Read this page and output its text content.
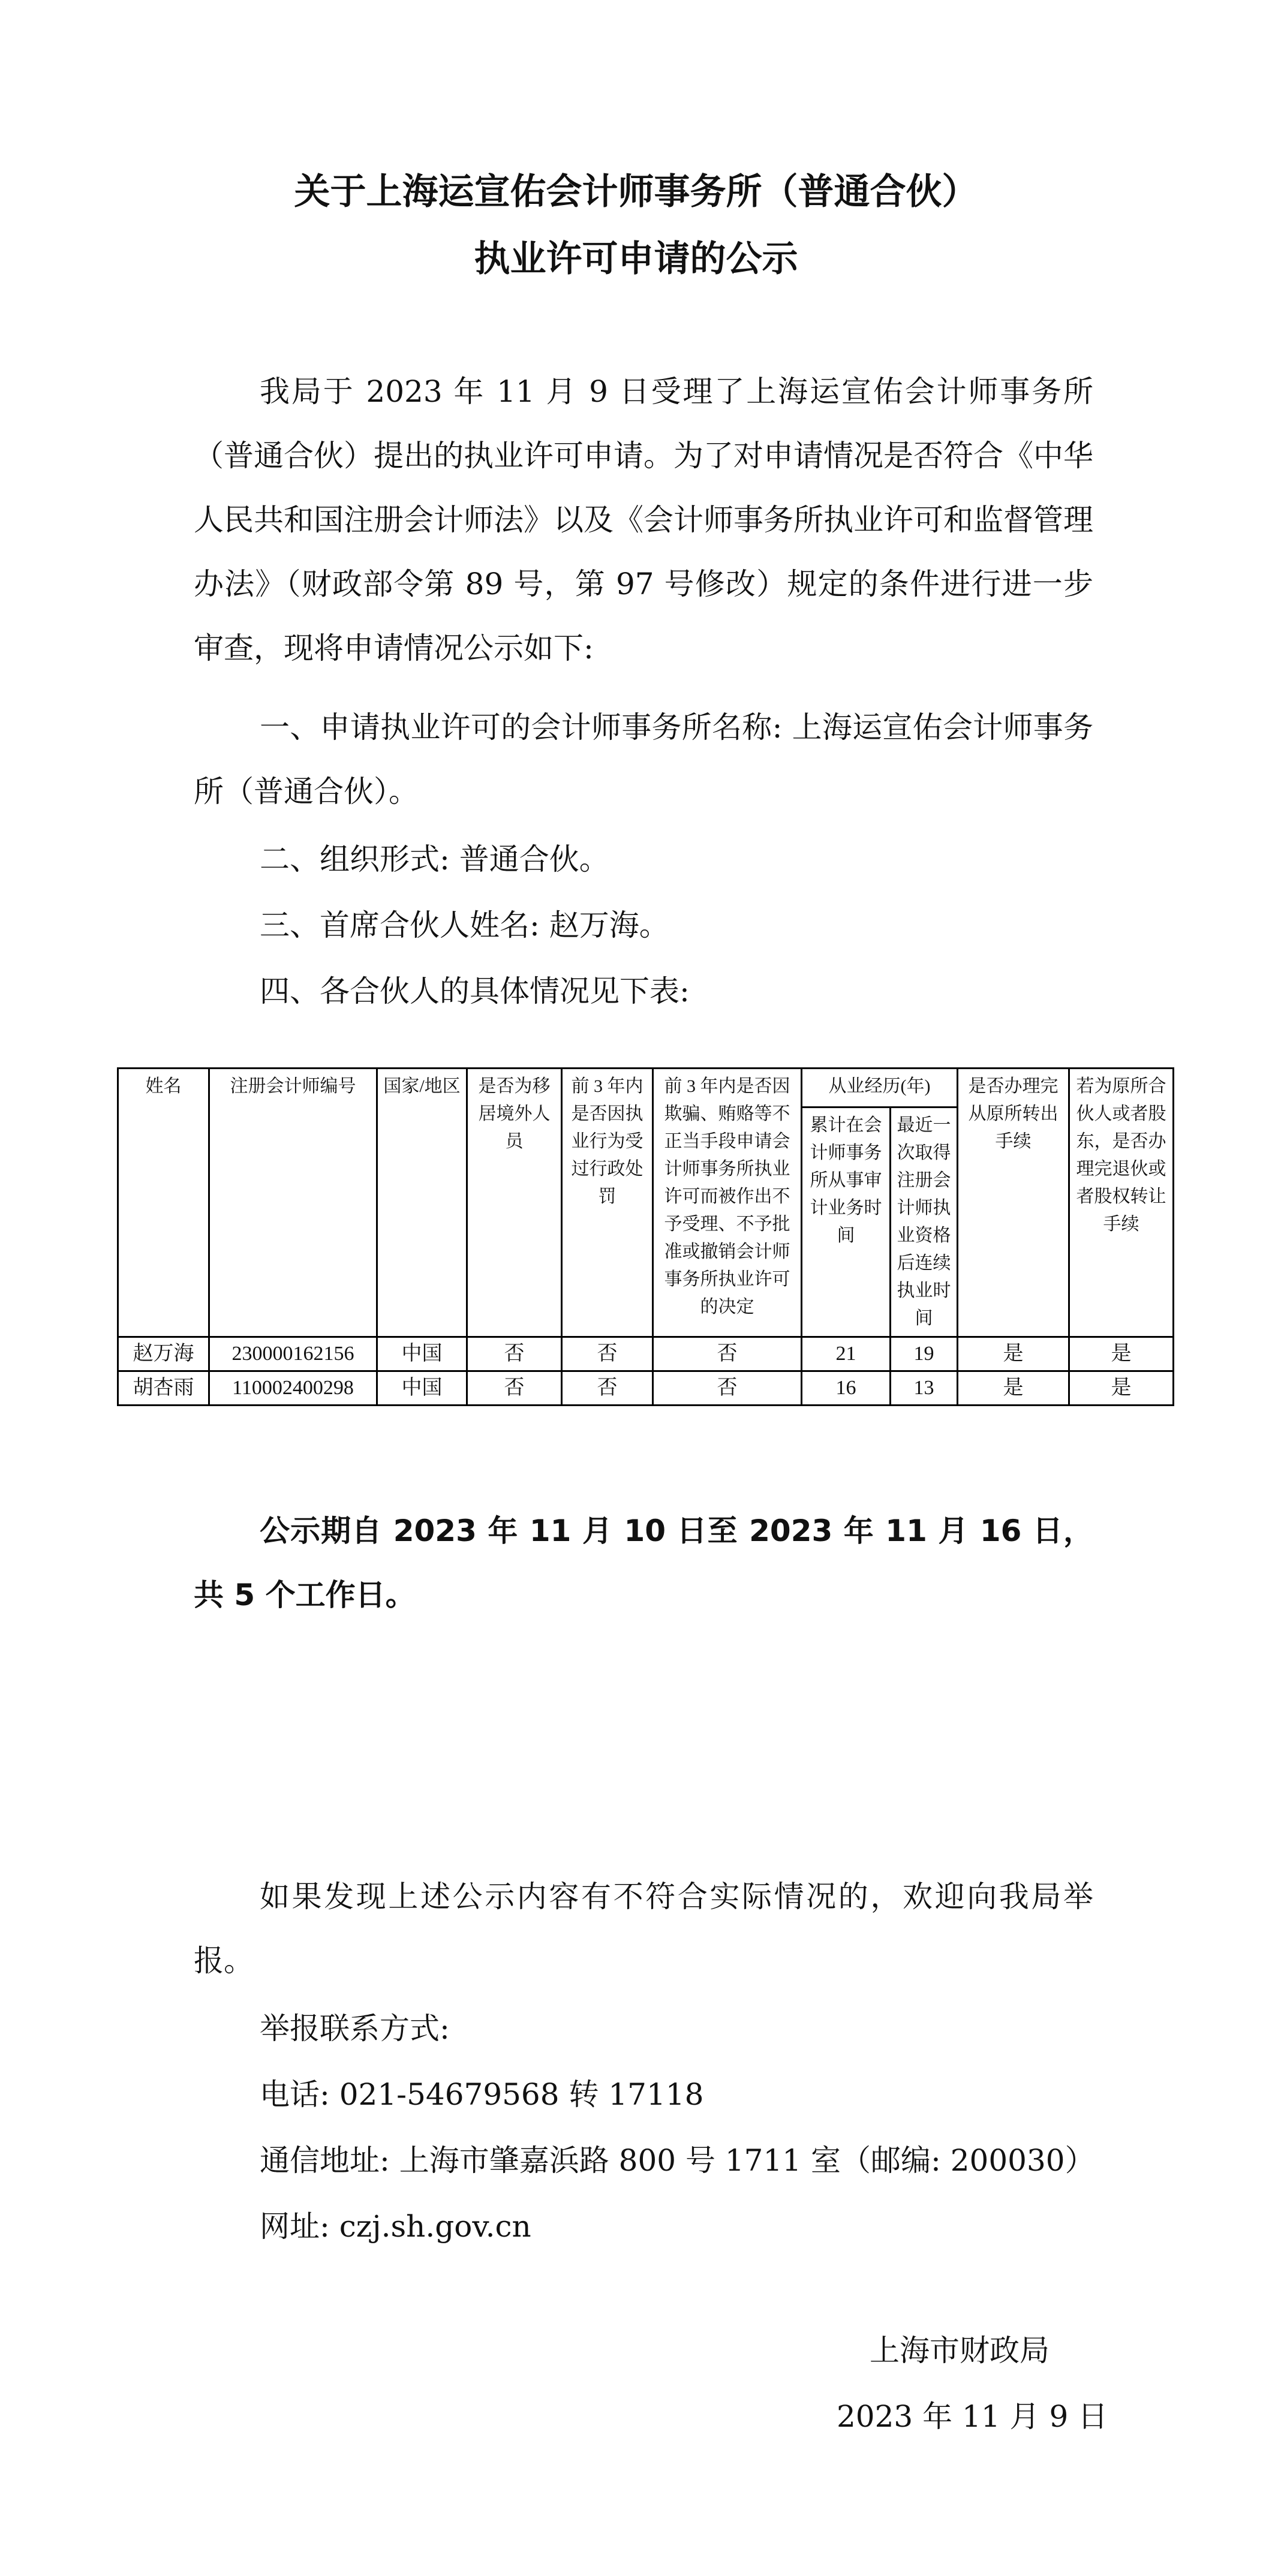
关于上海运宣佑会计师事务所（普通合伙）
执业许可申请的公示

我局于 2023 年 11 月 9 日受理了上海运宣佑会计师事务所（普通合伙）提出的执业许可申请。为了对申请情况是否符合《中华人民共和国注册会计师法》以及《会计师事务所执业许可和监督管理办法》（财政部令第 89 号，第 97 号修改）规定的条件进行进一步审查，现将申请情况公示如下:

一、申请执业许可的会计师事务所名称: 上海运宣佑会计师事务所（普通合伙）。

二、组织形式: 普通合伙。

三、首席合伙人姓名: 赵万海。

四、各合伙人的具体情况见下表:

姓名	注册会计师编号	国家/地区	是否为移居境外人员	前 3 年内是否因执业行为受过行政处罚	前 3 年内是否因欺骗、贿赂等不正当手段申请会计师事务所执业许可而被作出不予受理、不予批准或撤销会计师事务所执业许可的决定	从业经历(年)		是否办理完从原所转出手续	若为原所合伙人或者股东，是否办理完退伙或者股权转让手续
						累计在会计师事务所从事审计业务时间	最近一次取得注册会计师执业资格后连续执业时间		
赵万海	230000162156	中国	否	否	否	21	19	是	是
胡杏雨	110002400298	中国	否	否	否	16	13	是	是

公示期自 2023 年 11 月 10 日至 2023 年 11 月 16 日，共 5 个工作日。

如果发现上述公示内容有不符合实际情况的，欢迎向我局举报。

举报联系方式:

电话: 021-54679568 转 17118

通信地址: 上海市肇嘉浜路 800 号 1711 室（邮编: 200030）

网址: czj.sh.gov.cn

上海市财政局
2023 年 11 月 9 日
